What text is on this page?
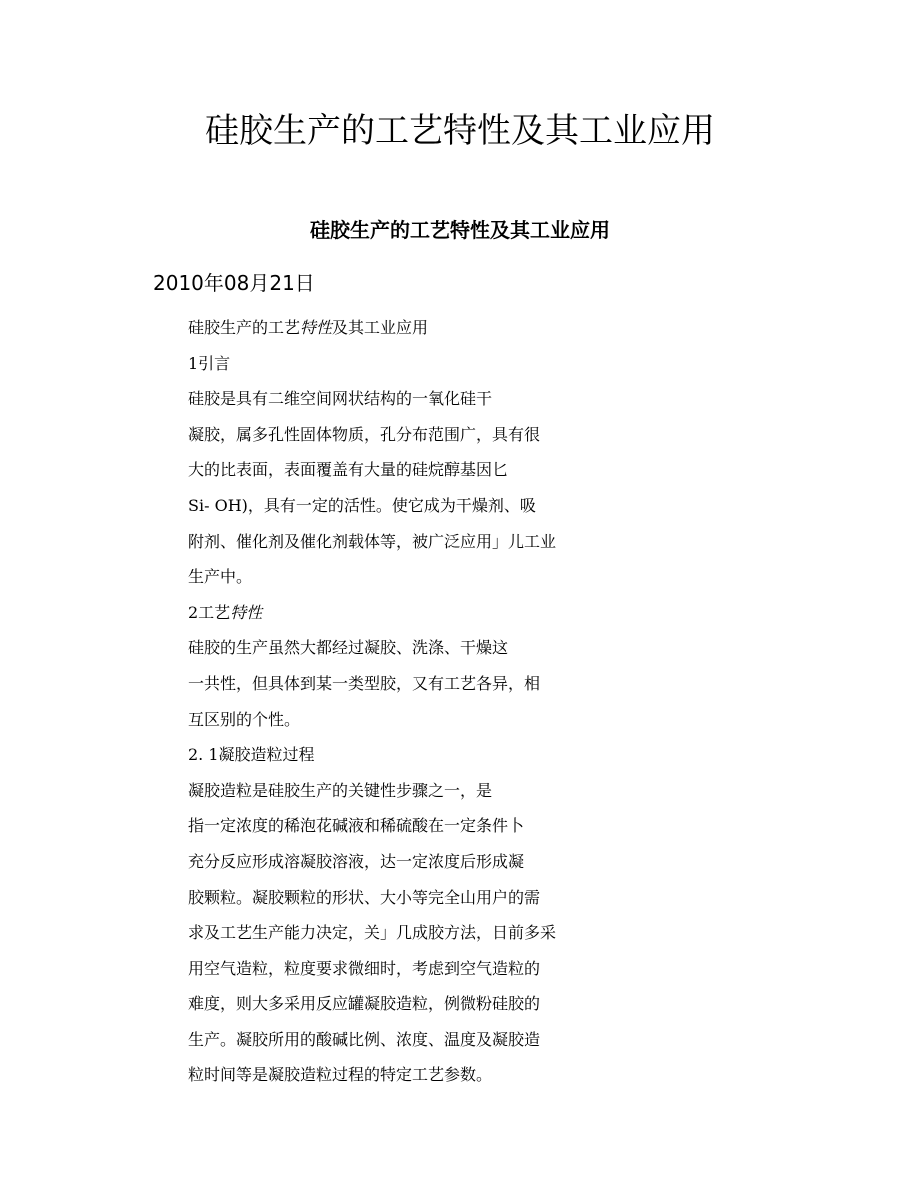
硅胶生产的工艺特性及其工业应用
硅胶生产的工艺特性及其工业应用
2010年08月21日

硅胶生产的工艺特性及其工业应用

1引言

硅胶是具有二维空间网状结构的一氧化硅干

凝胶，属多孔性固体物质，孔分布范围广，具有很

大的比表面，表面覆盖有大量的硅烷醇基因匕

Si- OH)，具有一定的活性。使它成为干燥剂、吸

附剂、催化剂及催化剂载体等，被广泛应用」儿工业

生产中。

2工艺特性

硅胶的生产虽然大都经过凝胶、洗涤、干燥这

一共性，但具体到某一类型胶，又有工艺各异，相

互区别的个性。

2. 1凝胶造粒过程

凝胶造粒是硅胶生产的关键性步骤之一，是

指一定浓度的稀泡花碱液和稀硫酸在一定条件卜

充分反应形成溶凝胶溶液，达一定浓度后形成凝

胶颗粒。凝胶颗粒的形状、大小等完全山用户的需

求及工艺生产能力决定，关」几成胶方法，日前多采

用空气造粒，粒度要求微细时，考虑到空气造粒的

难度，则大多采用反应罐凝胶造粒，例微粉硅胶的

生产。凝胶所用的酸碱比例、浓度、温度及凝胶造

粒时间等是凝胶造粒过程的特定工艺参数。
